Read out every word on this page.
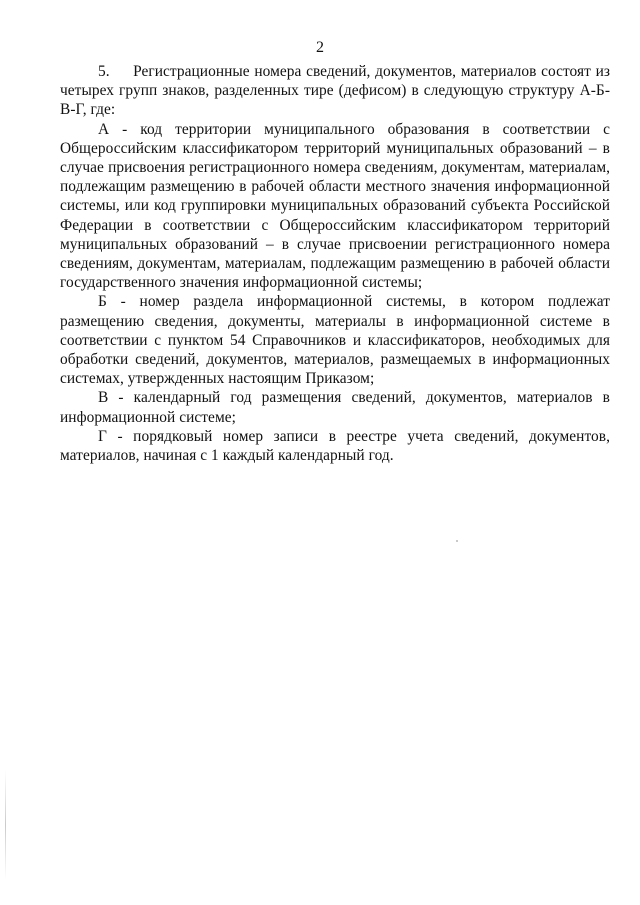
2

5.     Регистрационные номера сведений, документов, материалов состоят из четырех групп знаков, разделенных тире (дефисом) в следующую структуру А-Б-В-Г, где:

А - код территории муниципального образования в соответствии с Общероссийским классификатором территорий муниципальных образований – в случае присвоения регистрационного номера сведениям, документам, материалам, подлежащим размещению в рабочей области местного значения информационной системы, или код группировки муниципальных образований субъекта Российской Федерации в соответствии с Общероссийским классификатором территорий муниципальных образований – в случае присвоении регистрационного номера сведениям, документам, материалам, подлежащим размещению в рабочей области государственного значения информационной системы;

Б - номер раздела информационной системы, в котором подлежат размещению сведения, документы, материалы в информационной системе в соответствии с пунктом 54 Справочников и классификаторов, необходимых для обработки сведений, документов, материалов, размещаемых в информационных системах, утвержденных настоящим Приказом;

В - календарный год размещения сведений, документов, материалов в информационной системе;

Г - порядковый номер записи в реестре учета сведений, документов, материалов, начиная с 1 каждый календарный год.
